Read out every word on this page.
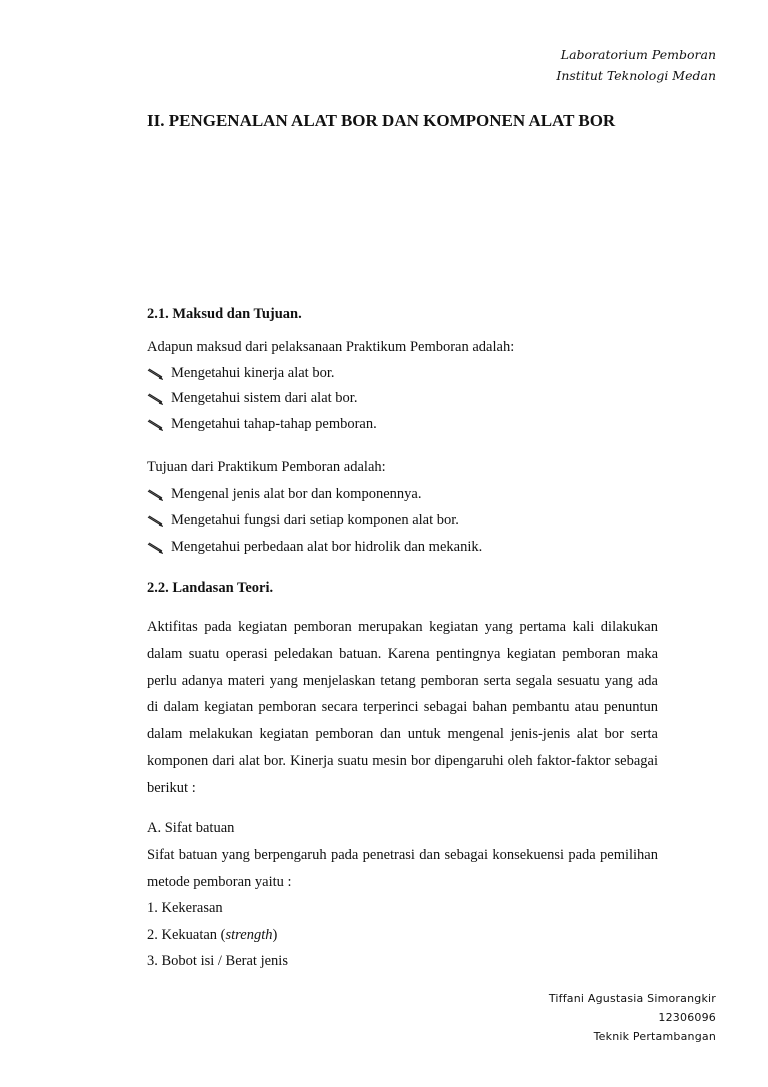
Laboratorium Pemboran
Institut Teknologi Medan
II. PENGENALAN ALAT BOR DAN KOMPONEN ALAT BOR
2.1. Maksud dan Tujuan.
Adapun maksud dari pelaksanaan Praktikum Pemboran adalah:
Mengetahui kinerja alat bor.
Mengetahui sistem dari alat bor.
Mengetahui tahap-tahap pemboran.
Tujuan dari Praktikum Pemboran adalah:
Mengenal jenis alat bor dan komponennya.
Mengetahui fungsi dari setiap komponen alat bor.
Mengetahui perbedaan alat bor hidrolik dan mekanik.
2.2. Landasan Teori.

Aktifitas pada kegiatan pemboran merupakan kegiatan yang pertama kali dilakukan dalam suatu operasi peledakan batuan. Karena pentingnya kegiatan pemboran maka perlu adanya materi yang menjelaskan tetang pemboran serta segala sesuatu yang ada di dalam kegiatan pemboran secara terperinci sebagai bahan pembantu atau penuntun dalam melakukan kegiatan pemboran dan untuk mengenal jenis-jenis alat bor serta komponen dari alat bor. Kinerja suatu mesin bor dipengaruhi oleh faktor-faktor sebagai berikut :

A. Sifat batuan

Sifat batuan yang berpengaruh pada penetrasi dan sebagai konsekuensi pada pemilihan metode pemboran yaitu :

1. Kekerasan
2. Kekuatan (strength)
3. Bobot isi / Berat jenis
Tiffani Agustasia Simorangkir
12306096
Teknik Pertambangan
